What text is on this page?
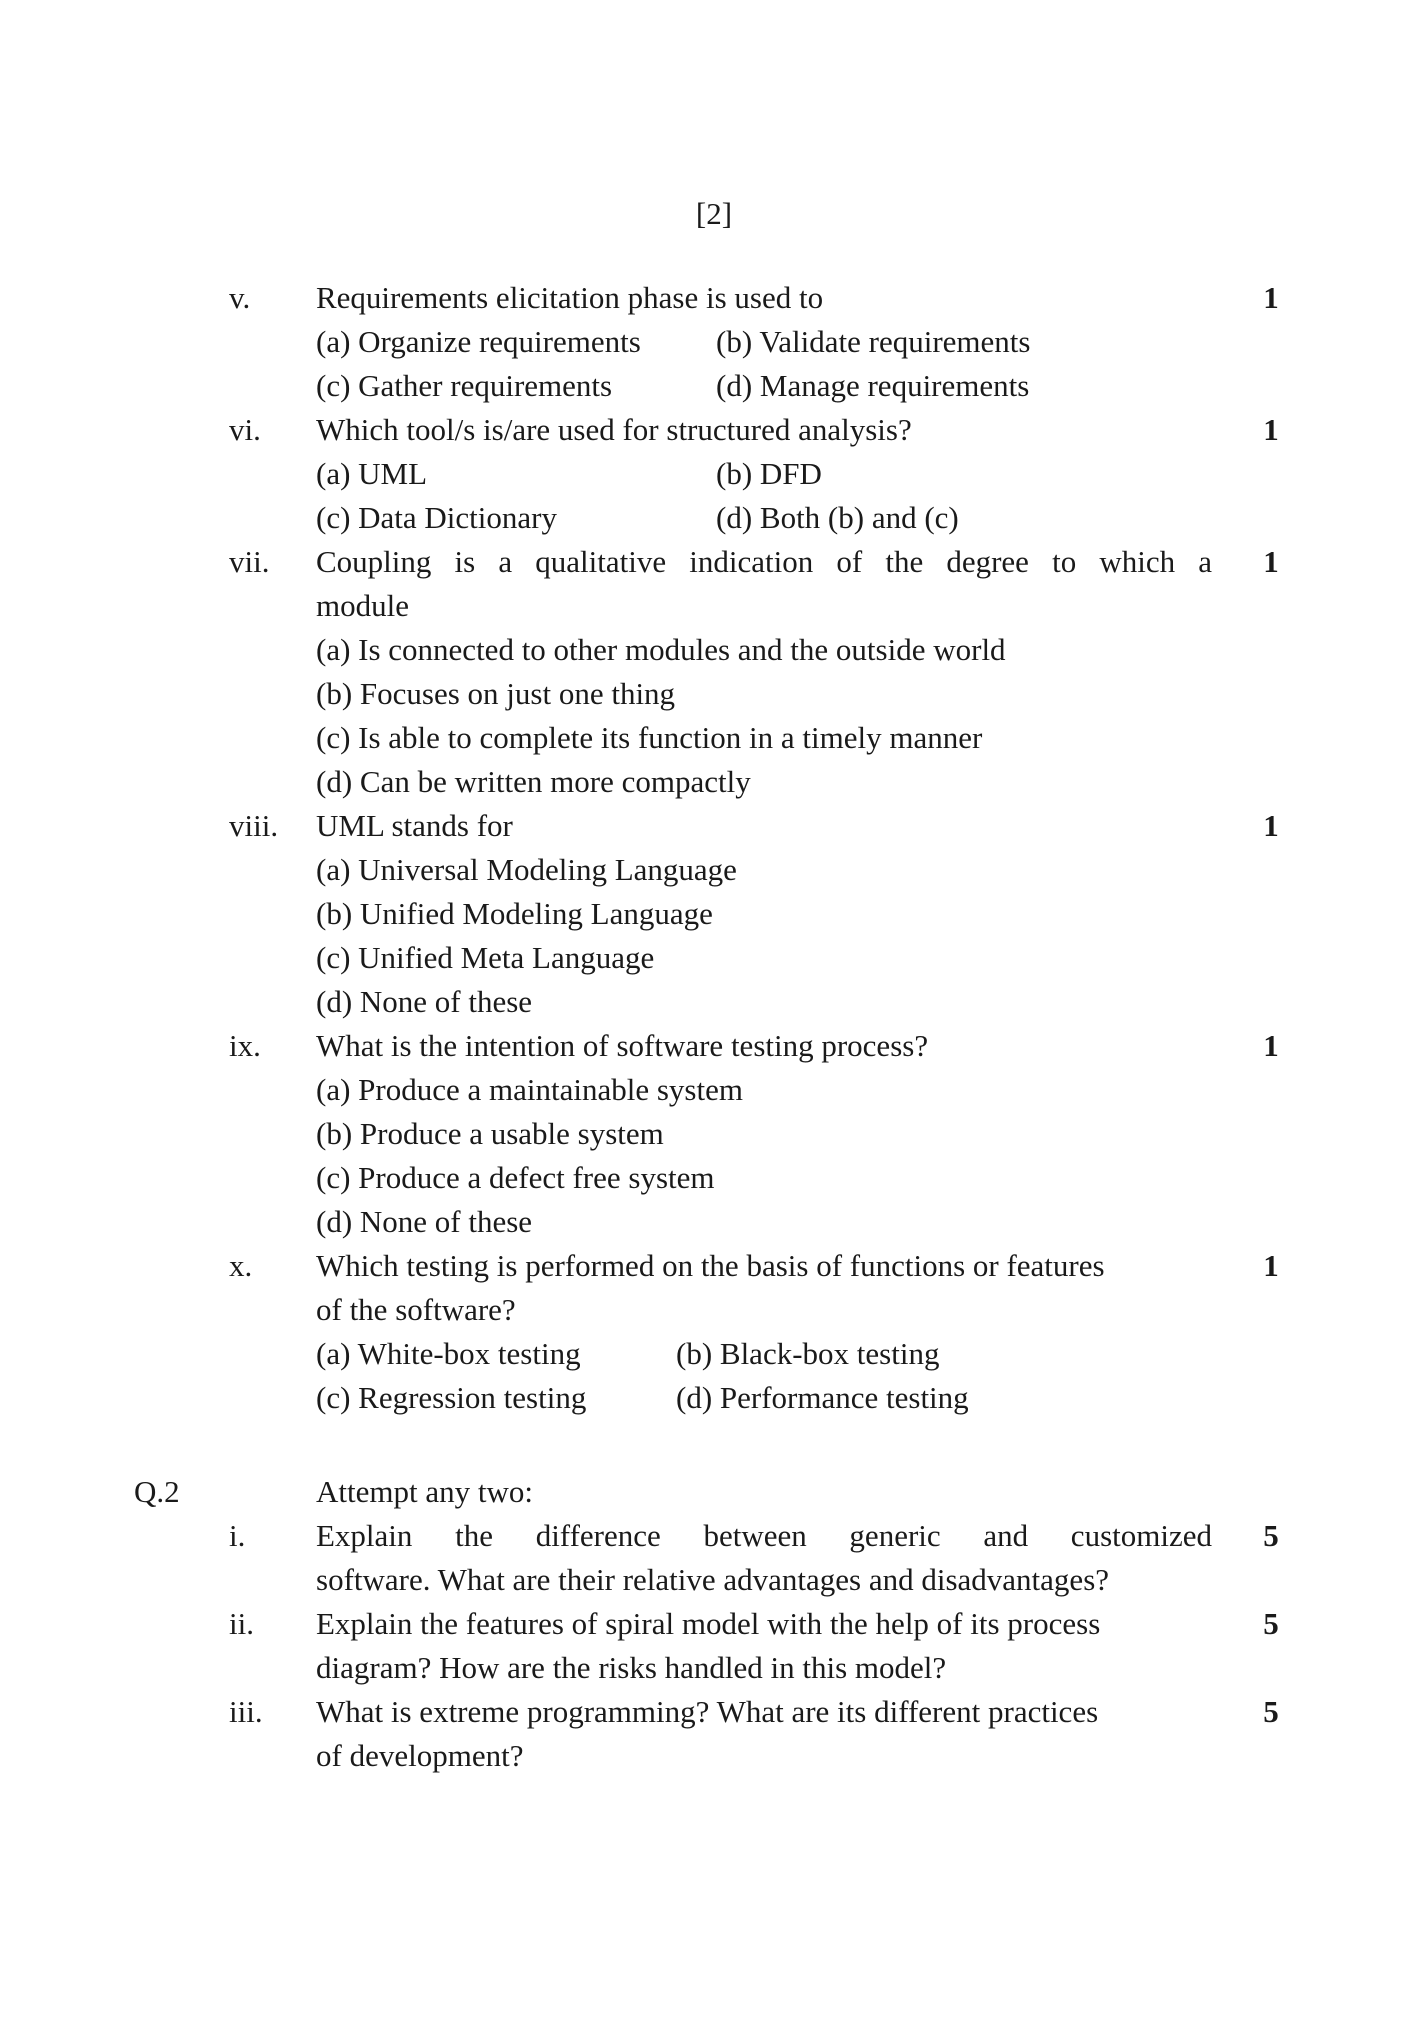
[2]
v. Requirements elicitation phase is used to	1
(a) Organize requirements (b) Validate requirements
(c) Gather requirements	(d) Manage requirements
vi. Which tool/s is/are used for structured analysis?	1
(a) UML	(b) DFD
(c) Data Dictionary	(d) Both (b) and (c)
vii. Coupling is a qualitative indication of the degree to which a 1
module
(a) Is connected to other modules and the outside world
(b) Focuses on just one thing
(c) Is able to complete its function in a timely manner
(d) Can be written more compactly
viii. UML stands for	1
(a) Universal Modeling Language
(b) Unified Modeling Language
(c) Unified Meta Language
(d) None of these
ix. What is the intention of software testing process?	1
(a) Produce a maintainable system
(b) Produce a usable system
(c) Produce a defect free system
(d) None of these
x. Which testing is performed on the basis of functions or features	1
of the software?
(a) White-box testing	(b) Black-box testing
(c) Regression testing	(d) Performance testing
Q.2	Attempt any two:
i. Explain the difference between generic and customized 5
software. What are their relative advantages and disadvantages?
ii. Explain the features of spiral model with the help of its process	5
diagram? How are the risks handled in this model?
iii. What is extreme programming? What are its different practices	5
of development?
